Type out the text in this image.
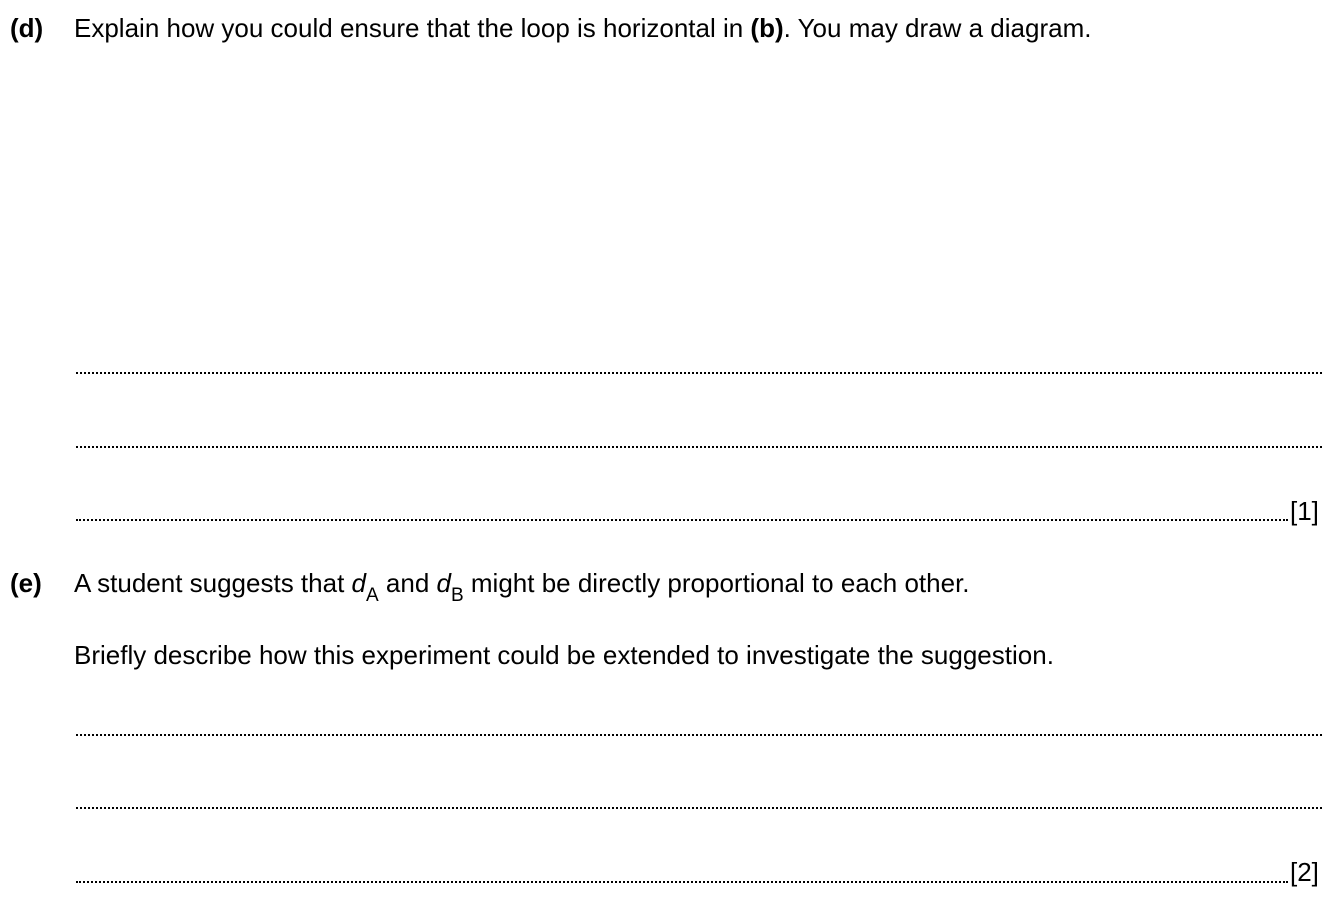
(d) Explain how you could ensure that the loop is horizontal in (b). You may draw a diagram.
[1]
(e) A student suggests that $d_A$ and $d_B$ might be directly proportional to each other.
Briefly describe how this experiment could be extended to investigate the suggestion.
[2]
